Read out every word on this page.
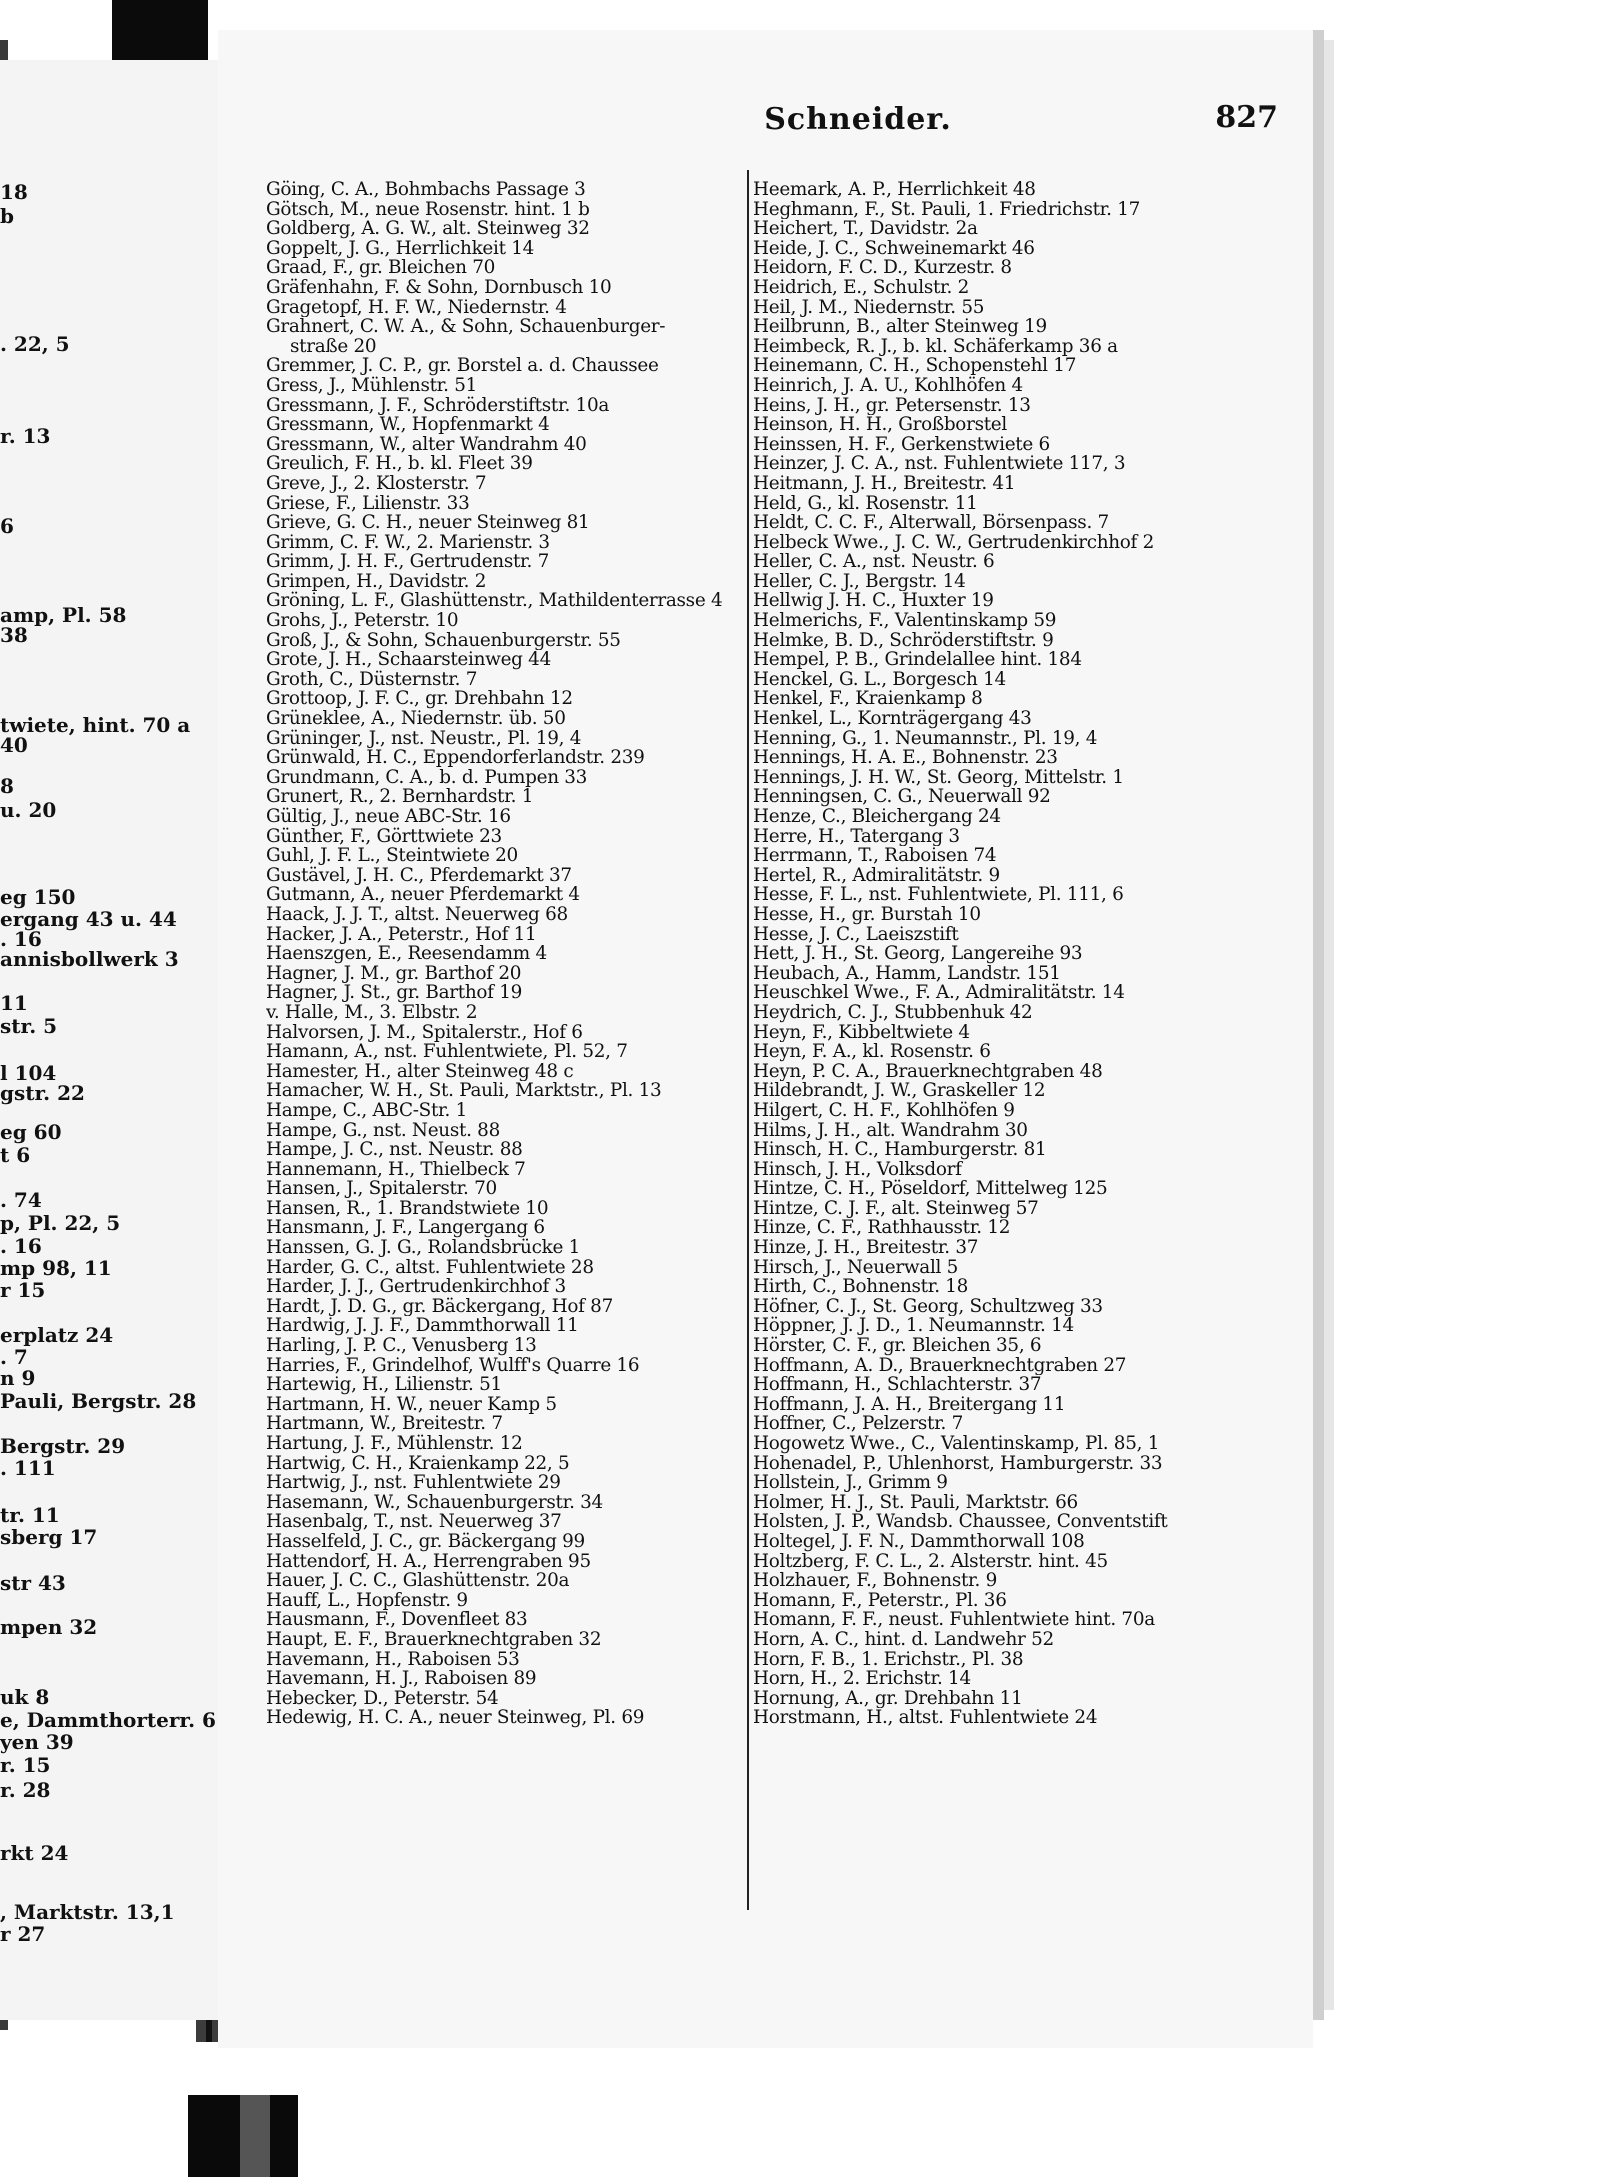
18
b
. 22, 5
r. 13
6
amp, Pl. 58
38
twiete, hint. 70 a
40
8
u. 20
eg 150
ergang 43 u. 44
. 16
annisbollwerk 3
11
str. 5
l 104
gstr. 22
eg 60
t 6
. 74
p, Pl. 22, 5
. 16
mp 98, 11
r 15
erplatz 24
. 7
n 9
Pauli, Bergstr. 28
Bergstr. 29
. 111
tr. 11
sberg 17
str 43
mpen 32
uk 8
e, Dammthorterr. 6
yen 39
r. 15
r. 28
rkt 24
, Marktstr. 13,1
r 27
Schneider.	827
Göing, C. A., Bohmbachs Passage 3
Götsch, M., neue Rosenstr. hint. 1 b
Goldberg, A. G. W., alt. Steinweg 32
Goppelt, J. G., Herrlichkeit 14
Graad, F., gr. Bleichen 70
Gräfenhahn, F. & Sohn, Dornbusch 10
Gragetopf, H. F. W., Niedernstr. 4
Grahnert, C. W. A., & Sohn, Schauenburger-
straße 20
Gremmer, J. C. P., gr. Borstel a. d. Chaussee
Gress, J., Mühlenstr. 51
Gressmann, J. F., Schröderstiftstr. 10a
Gressmann, W., Hopfenmarkt 4
Gressmann, W., alter Wandrahm 40
Greulich, F. H., b. kl. Fleet 39
Greve, J., 2. Klosterstr. 7
Griese, F., Lilienstr. 33
Grieve, G. C. H., neuer Steinweg 81
Grimm, C. F. W., 2. Marienstr. 3
Grimm, J. H. F., Gertrudenstr. 7
Grimpen, H., Davidstr. 2
Gröning, L. F., Glashüttenstr., Mathildenterrasse 4
Grohs, J., Peterstr. 10
Groß, J., & Sohn, Schauenburgerstr. 55
Grote, J. H., Schaarsteinweg 44
Groth, C., Düsternstr. 7
Grottoop, J. F. C., gr. Drehbahn 12
Grünekleе, A., Niedernstr. üb. 50
Grüninger, J., nst. Neustr., Pl. 19, 4
Grünwald, H. C., Eppendorferlandstr. 239
Grundmann, C. A., b. d. Pumpen 33
Grunert, R., 2. Bernhardstr. 1
Gültig, J., neue ABC-Str. 16
Günther, F., Görttwiete 23
Guhl, J. F. L., Steintwiete 20
Gustävel, J. H. C., Pferdemarkt 37
Gutmann, A., neuer Pferdemarkt 4
Haack, J. J. T., altst. Neuerweg 68
Hacker, J. A., Peterstr., Hof 11
Haenszgen, E., Reesendamm 4
Hagner, J. M., gr. Barthof 20
Hagner, J. St., gr. Barthof 19
v. Halle, M., 3. Elbstr. 2
Halvorsen, J. M., Spitalerstr., Hof 6
Hamann, A., nst. Fuhlentwiete, Pl. 52, 7
Hamester, H., alter Steinweg 48 c
Hamacher, W. H., St. Pauli, Marktstr., Pl. 13
Hampe, C., ABC-Str. 1
Hampe, G., nst. Neust. 88
Hampe, J. C., nst. Neustr. 88
Hannemann, H., Thielbeck 7
Hansen, J., Spitalerstr. 70
Hansen, R., 1. Brandstwiete 10
Hansmann, J. F., Langergang 6
Hanssen, G. J. G., Rolandsbrücke 1
Harder, G. C., altst. Fuhlentwiete 28
Harder, J. J., Gertrudenkirchhof 3
Hardt, J. D. G., gr. Bäckergang, Hof 87
Hardwig, J. J. F., Dammthorwall 11
Harling, J. P. C., Venusberg 13
Harries, F., Grindelhof, Wulff's Quarre 16
Hartewig, H., Lilienstr. 51
Hartmann, H. W., neuer Kamp 5
Hartmann, W., Breitestr. 7
Hartung, J. F., Mühlenstr. 12
Hartwig, C. H., Kraienkamp 22, 5
Hartwig, J., nst. Fuhlentwiete 29
Hasemann, W., Schauenburgerstr. 34
Hasenbalg, T., nst. Neuerweg 37
Hasselfeld, J. C., gr. Bäckergang 99
Hattendorf, H. A., Herrengraben 95
Hauer, J. C. C., Glashüttenstr. 20a
Hauff, L., Hopfenstr. 9
Hausmann, F., Dovenfleet 83
Haupt, E. F., Brauerknechtgraben 32
Havemann, H., Raboisen 53
Havemann, H. J., Raboisen 89
Hebecker, D., Peterstr. 54
Hedewig, H. C. A., neuer Steinweg, Pl. 69
Heemark, A. P., Herrlichkeit 48
Heghmann, F., St. Pauli, 1. Friedrichstr. 17
Heichert, T., Davidstr. 2a
Heide, J. C., Schweinemarkt 46
Heidorn, F. C. D., Kurzestr. 8
Heidrich, E., Schulstr. 2
Heil, J. M., Niedernstr. 55
Heilbrunn, B., alter Steinweg 19
Heimbeck, R. J., b. kl. Schäferkamp 36 a
Heinemann, C. H., Schopenstehl 17
Heinrich, J. A. U., Kohlhöfen 4
Heins, J. H., gr. Petersenstr. 13
Heinson, H. H., Großborstel
Heinssen, H. F., Gerkenstwiete 6
Heinzer, J. C. A., nst. Fuhlentwiete 117, 3
Heitmann, J. H., Breitestr. 41
Held, G., kl. Rosenstr. 11
Heldt, C. C. F., Alterwall, Börsenpass. 7
Helbeck Wwe., J. C. W., Gertrudenkirchhof 2
Heller, C. A., nst. Neustr. 6
Heller, C. J., Bergstr. 14
Hellwig J. H. C., Huxter 19
Helmerichs, F., Valentinskamp 59
Helmke, B. D., Schröderstiftstr. 9
Hempel, P. B., Grindelallee hint. 184
Henckel, G. L., Borgesch 14
Henkel, F., Kraienkamp 8
Henkel, L., Kornträgergang 43
Henning, G., 1. Neumannstr., Pl. 19, 4
Hennings, H. A. E., Bohnenstr. 23
Hennings, J. H. W., St. Georg, Mittelstr. 1
Henningsen, C. G., Neuerwall 92
Henze, C., Bleichergang 24
Herre, H., Tatergang 3
Herrmann, T., Raboisen 74
Hertel, R., Admiralitätstr. 9
Hesse, F. L., nst. Fuhlentwiete, Pl. 111, 6
Hesse, H., gr. Burstah 10
Hesse, J. C., Laeiszstift
Hett, J. H., St. Georg, Langereihe 93
Heubach, A., Hamm, Landstr. 151
Heuschkel Wwe., F. A., Admiralitätstr. 14
Heydrich, C. J., Stubbenhuk 42
Heyn, F., Kibbeltwiete 4
Heyn, F. A., kl. Rosenstr. 6
Heyn, P. C. A., Brauerknechtgraben 48
Hildebrandt, J. W., Graskeller 12
Hilgert, C. H. F., Kohlhöfen 9
Hilms, J. H., alt. Wandrahm 30
Hinsch, H. C., Hamburgerstr. 81
Hinsch, J. H., Volksdorf
Hintze, C. H., Pöseldorf, Mittelweg 125
Hintze, C. J. F., alt. Steinweg 57
Hinze, C. F., Rathhausstr. 12
Hinze, J. H., Breitestr. 37
Hirsch, J., Neuerwall 5
Hirth, C., Bohnenstr. 18
Höfner, C. J., St. Georg, Schultzweg 33
Höppner, J. J. D., 1. Neumannstr. 14
Hörster, C. F., gr. Bleichen 35, 6
Hoffmann, A. D., Brauerknechtgraben 27
Hoffmann, H., Schlachterstr. 37
Hoffmann, J. A. H., Breitergang 11
Hoffner, C., Pelzerstr. 7
Hogowetz Wwe., C., Valentinskamp, Pl. 85, 1
Hohenadel, P., Uhlenhorst, Hamburgerstr. 33
Hollstein, J., Grimm 9
Holmer, H. J., St. Pauli, Marktstr. 66
Holsten, J. P., Wandsb. Chaussee, Conventstift
Holtegel, J. F. N., Dammthorwall 108
Holtzberg, F. C. L., 2. Alsterstr. hint. 45
Holzhauer, F., Bohnenstr. 9
Homann, F., Peterstr., Pl. 36
Homann, F. F., neust. Fuhlentwiete hint. 70a
Horn, A. C., hint. d. Landwehr 52
Horn, F. B., 1. Erichstr., Pl. 38
Horn, H., 2. Erichstr. 14
Hornung, A., gr. Drehbahn 11
Horstmann, H., altst. Fuhlentwiete 24
